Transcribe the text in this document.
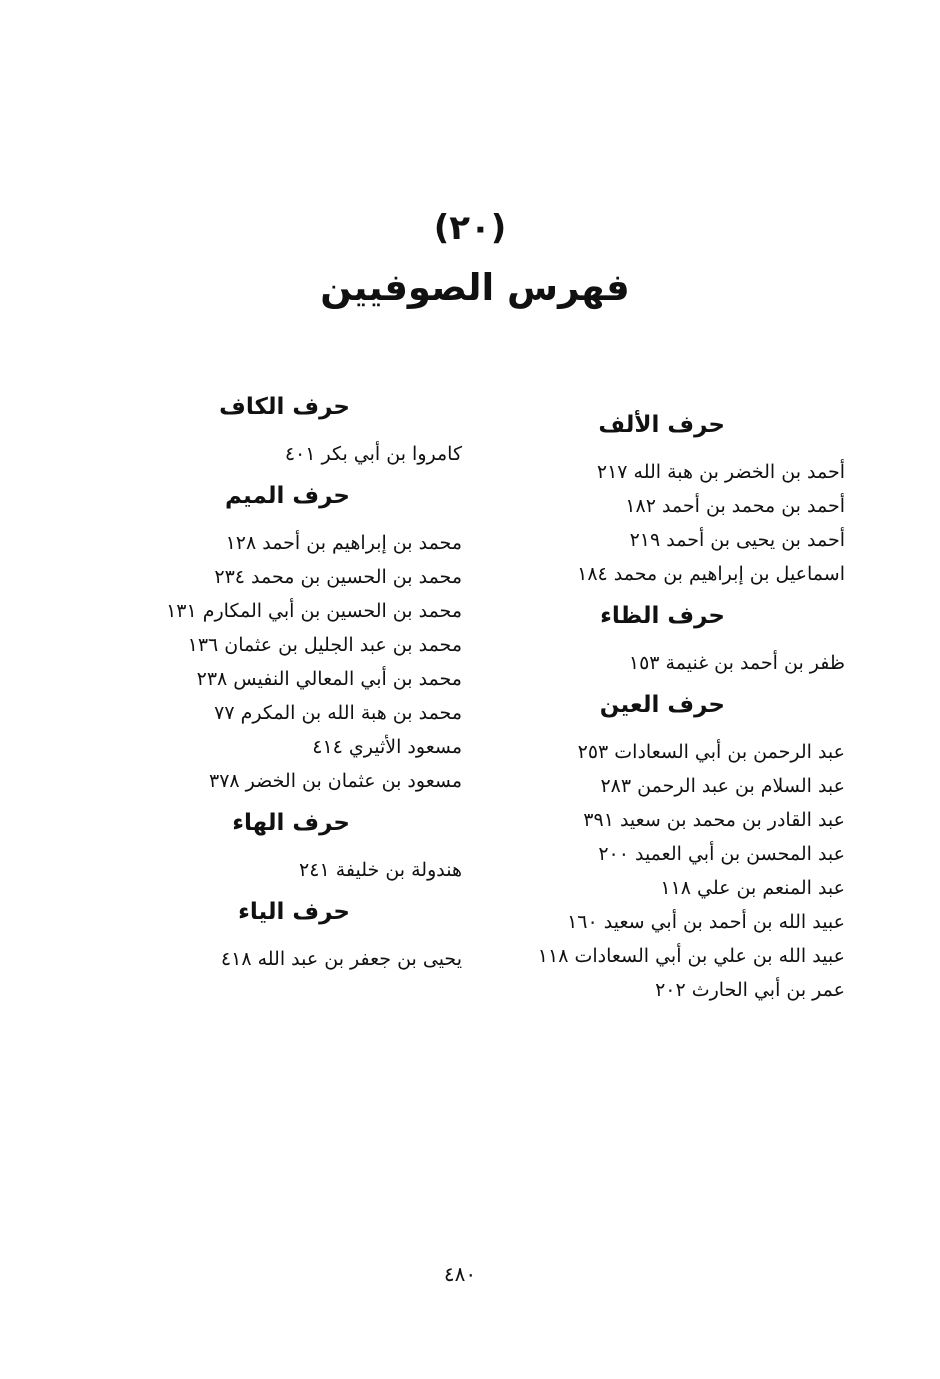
(٢٠)
فهرس الصوفيين
حرف الألف
أحمد بن الخضر بن هبة الله ٢١٧
أحمد بن محمد بن أحمد ١٨٢
أحمد بن يحيى بن أحمد ٢١٩
اسماعيل بن إبراهيم بن محمد ١٨٤
حرف الظاء
ظفر بن أحمد بن غنيمة ١٥٣
حرف العين
عبد الرحمن بن أبي السعادات ٢٥٣
عبد السلام بن عبد الرحمن ٢٨٣
عبد القادر بن محمد بن سعيد ٣٩١
عبد المحسن بن أبي العميد ٢٠٠
عبد المنعم بن علي ١١٨
عبيد الله بن أحمد بن أبي سعيد ١٦٠
عبيد الله بن علي بن أبي السعادات ١١٨
عمر بن أبي الحارث ٢٠٢
حرف الكاف
كامروا بن أبي بكر ٤٠١
حرف الميم
محمد بن إبراهيم بن أحمد ١٢٨
محمد بن الحسين بن محمد ٢٣٤
محمد بن الحسين بن أبي المكارم ١٣١
محمد بن عبد الجليل بن عثمان ١٣٦
محمد بن أبي المعالي النفيس ٢٣٨
محمد بن هبة الله بن المكرم ٧٧
مسعود الأثيري ٤١٤
مسعود بن عثمان بن الخضر ٣٧٨
حرف الهاء
هندولة بن خليفة ٢٤١
حرف الياء
يحيى بن جعفر بن عبد الله ٤١٨
٤٨٠
